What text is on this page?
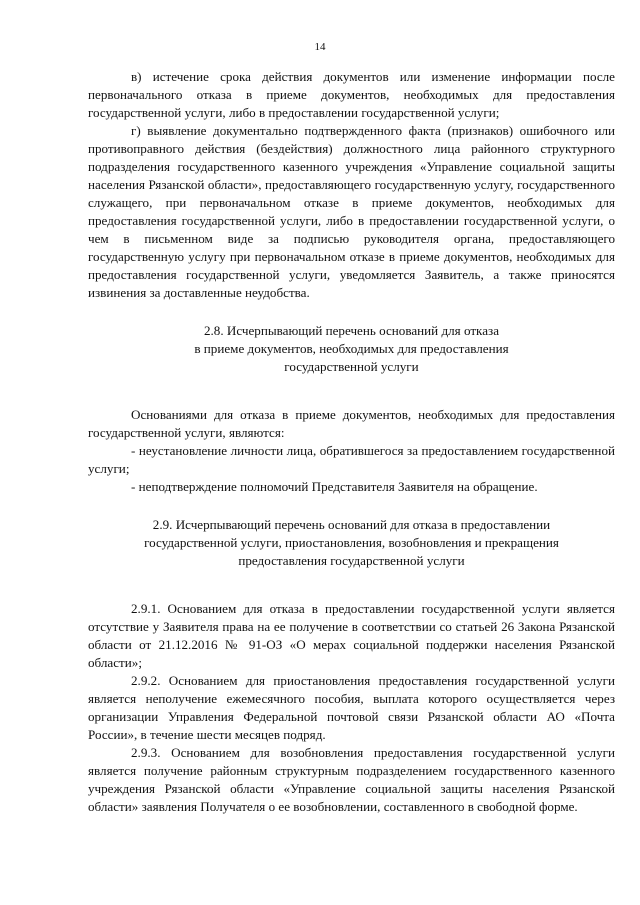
14

в) истечение срока действия документов или изменение информации после первоначального отказа в приеме документов, необходимых для предоставления государственной услуги, либо в предоставлении государственной услуги;

г) выявление документально подтвержденного факта (признаков) ошибочного или противоправного действия (бездействия) должностного лица районного структурного подразделения государственного казенного учреждения «Управление социальной защиты населения Рязанской области», предоставляющего государственную услугу, государственного служащего, при первоначальном отказе в приеме документов, необходимых для предоставления государственной услуги, либо в предоставлении государственной услуги, о чем в письменном виде за подписью руководителя органа, предоставляющего государственную услугу при первоначальном отказе в приеме документов, необходимых для предоставления государственной услуги, уведомляется Заявитель, а также приносятся извинения за доставленные неудобства.

2.8. Исчерпывающий перечень оснований для отказа

в приеме документов, необходимых для предоставления

государственной услуги

Основаниями для отказа в приеме документов, необходимых для предоставления государственной услуги, являются:

- неустановление личности лица, обратившегося за предоставлением государственной услуги;

- неподтверждение полномочий Представителя Заявителя на обращение.

2.9. Исчерпывающий перечень оснований для отказа в предоставлении

государственной услуги, приостановления, возобновления и прекращения

предоставления государственной услуги

2.9.1. Основанием для отказа в предоставлении государственной услуги является отсутствие у Заявителя права на ее получение в соответствии со статьей 26 Закона Рязанской области от 21.12.2016 № 91-ОЗ «О мерах социальной поддержки населения Рязанской области»;

2.9.2. Основанием для приостановления предоставления государственной услуги является неполучение ежемесячного пособия, выплата которого осуществляется через организации Управления Федеральной почтовой связи Рязанской области АО «Почта России», в течение шести месяцев подряд.

2.9.3. Основанием для возобновления предоставления государственной услуги является получение районным структурным подразделением государственного казенного учреждения Рязанской области «Управление социальной защиты населения Рязанской области» заявления Получателя о ее возобновлении, составленного в свободной форме.
